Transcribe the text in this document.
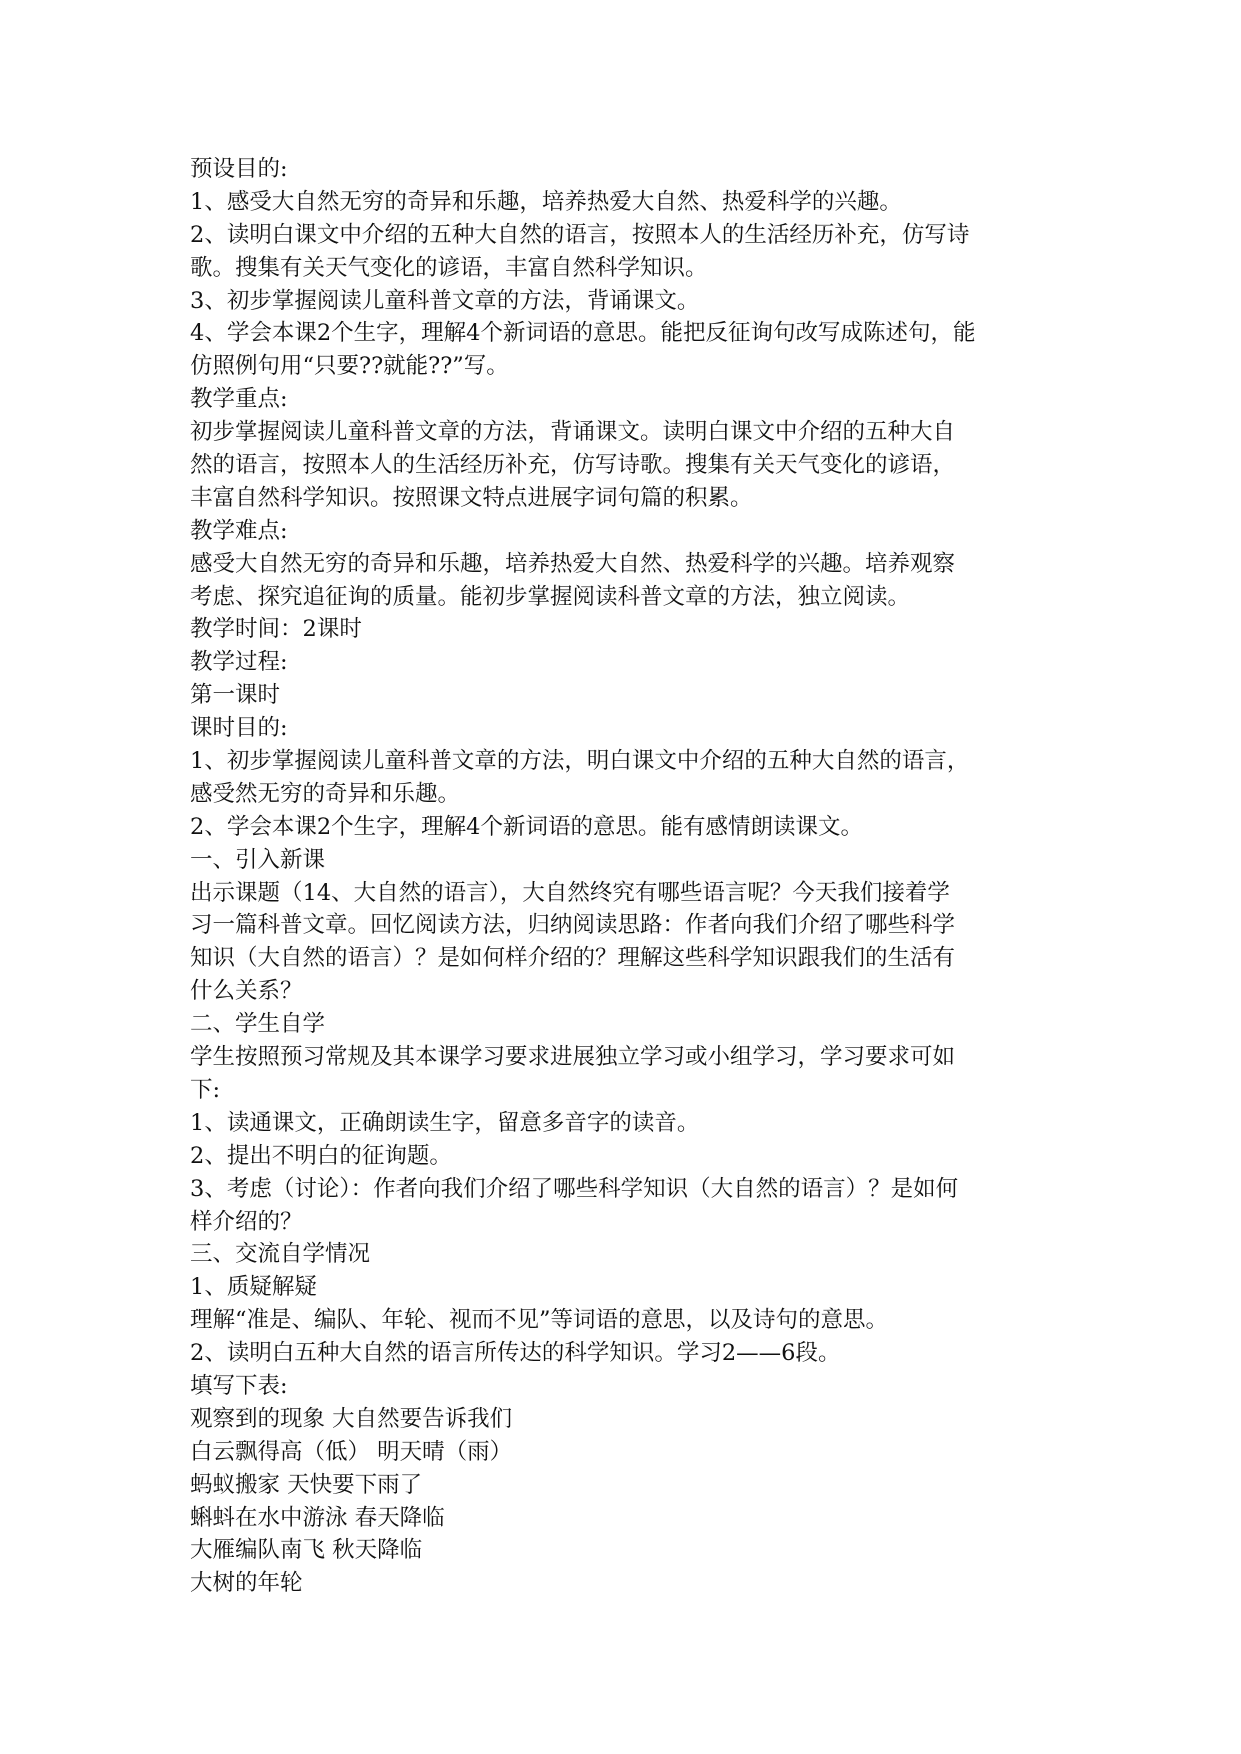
预设目的:
1、感受大自然无穷的奇异和乐趣，培养热爱大自然、热爱科学的兴趣。
2、读明白课文中介绍的五种大自然的语言，按照本人的生活经历补充，仿写诗
歌。搜集有关天气变化的谚语，丰富自然科学知识。
3、初步掌握阅读儿童科普文章的方法，背诵课文。
4、学会本课2个生字，理解4个新词语的意思。能把反征询句改写成陈述句，能
仿照例句用“只要??就能??”写。
教学重点:
初步掌握阅读儿童科普文章的方法，背诵课文。读明白课文中介绍的五种大自
然的语言，按照本人的生活经历补充，仿写诗歌。搜集有关天气变化的谚语，
丰富自然科学知识。按照课文特点进展字词句篇的积累。
教学难点:
感受大自然无穷的奇异和乐趣，培养热爱大自然、热爱科学的兴趣。培养观察
考虑、探究追征询的质量。能初步掌握阅读科普文章的方法，独立阅读。
教学时间：2课时
教学过程:
第一课时
课时目的:
1、初步掌握阅读儿童科普文章的方法，明白课文中介绍的五种大自然的语言，
感受然无穷的奇异和乐趣。
2、学会本课2个生字，理解4个新词语的意思。能有感情朗读课文。
一、引入新课
出示课题（14、大自然的语言），大自然终究有哪些语言呢？今天我们接着学
习一篇科普文章。回忆阅读方法，归纳阅读思路：作者向我们介绍了哪些科学
知识（大自然的语言）？是如何样介绍的？理解这些科学知识跟我们的生活有
什么关系？
二、学生自学
学生按照预习常规及其本课学习要求进展独立学习或小组学习，学习要求可如
下:
1、读通课文，正确朗读生字，留意多音字的读音。
2、提出不明白的征询题。
3、考虑（讨论）：作者向我们介绍了哪些科学知识（大自然的语言）？是如何
样介绍的？
三、交流自学情况
1、质疑解疑
理解“准是、编队、年轮、视而不见”等词语的意思，以及诗句的意思。
2、读明白五种大自然的语言所传达的科学知识。学习2——6段。
填写下表:
观察到的现象 大自然要告诉我们
白云飘得高（低） 明天晴（雨）
蚂蚁搬家 天快要下雨了
蝌蚪在水中游泳 春天降临
大雁编队南飞 秋天降临
大树的年轮
